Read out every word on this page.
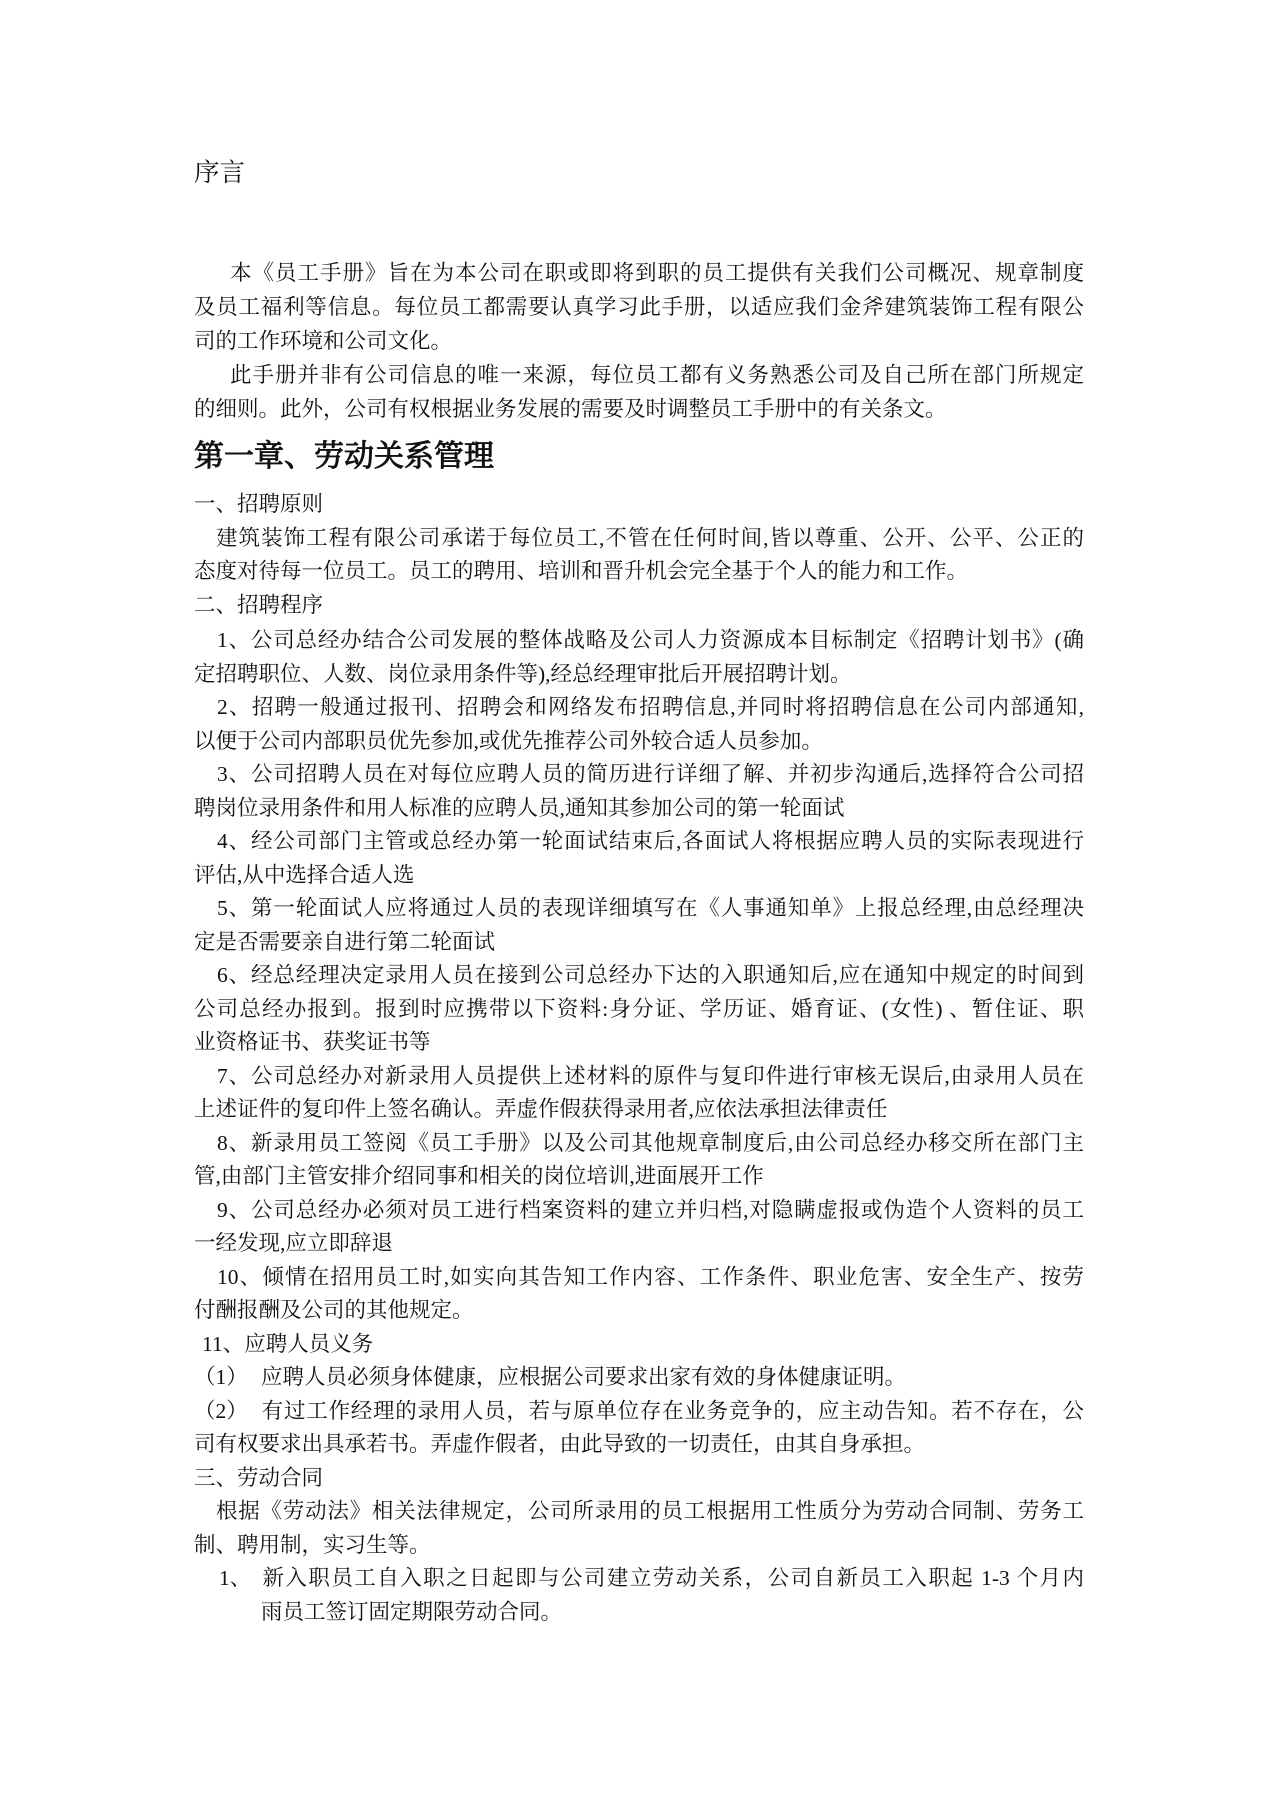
序言
本《员工手册》旨在为本公司在职或即将到职的员工提供有关我们公司概况、规章制度
及员工福利等信息。每位员工都需要认真学习此手册，以适应我们金斧建筑装饰工程有限公
司的工作环境和公司文化。
此手册并非有公司信息的唯一来源，每位员工都有义务熟悉公司及自己所在部门所规定
的细则。此外，公司有权根据业务发展的需要及时调整员工手册中的有关条文。
第一章、劳动关系管理
一、招聘原则
建筑装饰工程有限公司承诺于每位员工,不管在任何时间,皆以尊重、公开、公平、公正的
态度对待每一位员工。员工的聘用、培训和晋升机会完全基于个人的能力和工作。
二、招聘程序
1、公司总经办结合公司发展的整体战略及公司人力资源成本目标制定《招聘计划书》(确
定招聘职位、人数、岗位录用条件等),经总经理审批后开展招聘计划。
2、招聘一般通过报刊、招聘会和网络发布招聘信息,并同时将招聘信息在公司内部通知,
以便于公司内部职员优先参加,或优先推荐公司外较合适人员参加。
3、公司招聘人员在对每位应聘人员的简历进行详细了解、并初步沟通后,选择符合公司招
聘岗位录用条件和用人标准的应聘人员,通知其参加公司的第一轮面试
4、经公司部门主管或总经办第一轮面试结束后,各面试人将根据应聘人员的实际表现进行
评估,从中选择合适人选
5、第一轮面试人应将通过人员的表现详细填写在《人事通知单》上报总经理,由总经理决
定是否需要亲自进行第二轮面试
6、经总经理决定录用人员在接到公司总经办下达的入职通知后,应在通知中规定的时间到
公司总经办报到。报到时应携带以下资料:身分证、学历证、婚育证、(女性) 、暂住证、职
业资格证书、获奖证书等
7、公司总经办对新录用人员提供上述材料的原件与复印件进行审核无误后,由录用人员在
上述证件的复印件上签名确认。弄虚作假获得录用者,应依法承担法律责任
8、新录用员工签阅《员工手册》以及公司其他规章制度后,由公司总经办移交所在部门主
管,由部门主管安排介绍同事和相关的岗位培训,进面展开工作
9、公司总经办必须对员工进行档案资料的建立并归档,对隐瞒虚报或伪造个人资料的员工
一经发现,应立即辞退
10、倾情在招用员工时,如实向其告知工作内容、工作条件、职业危害、安全生产、按劳
付酬报酬及公司的其他规定。
11、应聘人员义务
（1） 应聘人员必须身体健康，应根据公司要求出家有效的身体健康证明。
（2） 有过工作经理的录用人员，若与原单位存在业务竞争的，应主动告知。若不存在，公
司有权要求出具承若书。弄虚作假者，由此导致的一切责任，由其自身承担。
三、劳动合同
根据《劳动法》相关法律规定，公司所录用的员工根据用工性质分为劳动合同制、劳务工
制、聘用制，实习生等。
1、 新入职员工自入职之日起即与公司建立劳动关系，公司自新员工入职起 1-3 个月内
雨员工签订固定期限劳动合同。
